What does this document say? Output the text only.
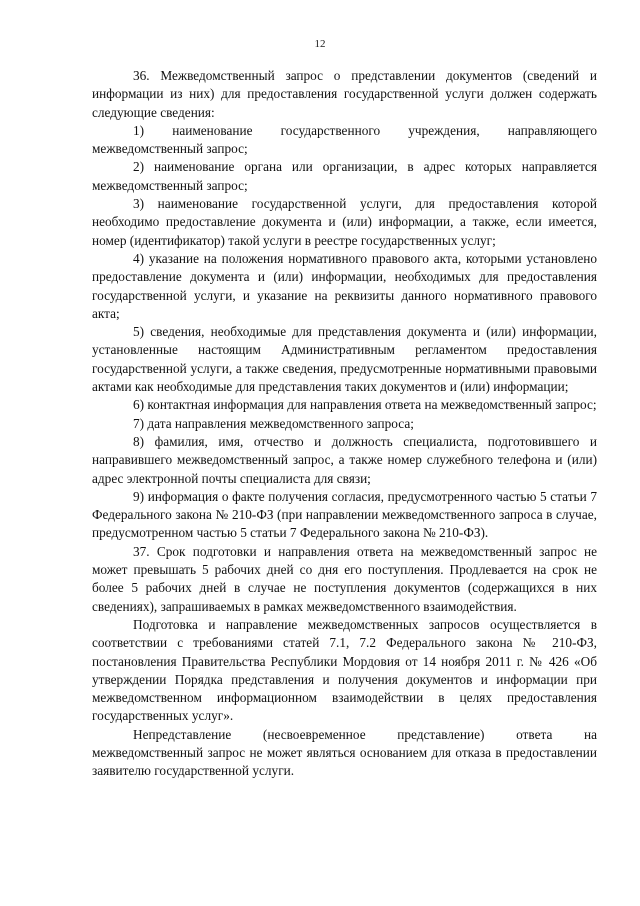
12

36. Межведомственный запрос о представлении документов (сведений и информации из них) для предоставления государственной услуги должен содержать следующие сведения:

1) наименование государственного учреждения, направляющего межведомственный запрос;

2) наименование органа или организации, в адрес которых направляется межведомственный запрос;

3) наименование государственной услуги, для предоставления которой необходимо предоставление документа и (или) информации, а также, если имеется, номер (идентификатор) такой услуги в реестре государственных услуг;

4) указание на положения нормативного правового акта, которыми установлено предоставление документа и (или) информации, необходимых для предоставления государственной услуги, и указание на реквизиты данного нормативного правового акта;

5) сведения, необходимые для представления документа и (или) информации, установленные настоящим Административным регламентом предоставления государственной услуги, а также сведения, предусмотренные нормативными правовыми актами как необходимые для представления таких документов и (или) информации;

6) контактная информация для направления ответа на межведомственный запрос;

7) дата направления межведомственного запроса;

8) фамилия, имя, отчество и должность специалиста, подготовившего и направившего межведомственный запрос, а также номер служебного телефона и (или) адрес электронной почты специалиста для связи;

9) информация о факте получения согласия, предусмотренного частью 5 статьи 7 Федерального закона № 210-ФЗ (при направлении межведомственного запроса в случае, предусмотренном частью 5 статьи 7 Федерального закона № 210-ФЗ).

37. Срок подготовки и направления ответа на межведомственный запрос не может превышать 5 рабочих дней со дня его поступления. Продлевается на срок не более 5 рабочих дней в случае не поступления документов (содержащихся в них сведениях), запрашиваемых в рамках межведомственного взаимодействия.

Подготовка и направление межведомственных запросов осуществляется в соответствии с требованиями статей 7.1, 7.2 Федерального закона № 210-ФЗ, постановления Правительства Республики Мордовия от 14 ноября 2011 г. № 426 «Об утверждении Порядка представления и получения документов и информации при межведомственном информационном взаимодействии в целях предоставления государственных услуг».

Непредставление (несвоевременное представление) ответа на межведомственный запрос не может являться основанием для отказа в предоставлении заявителю государственной услуги.
